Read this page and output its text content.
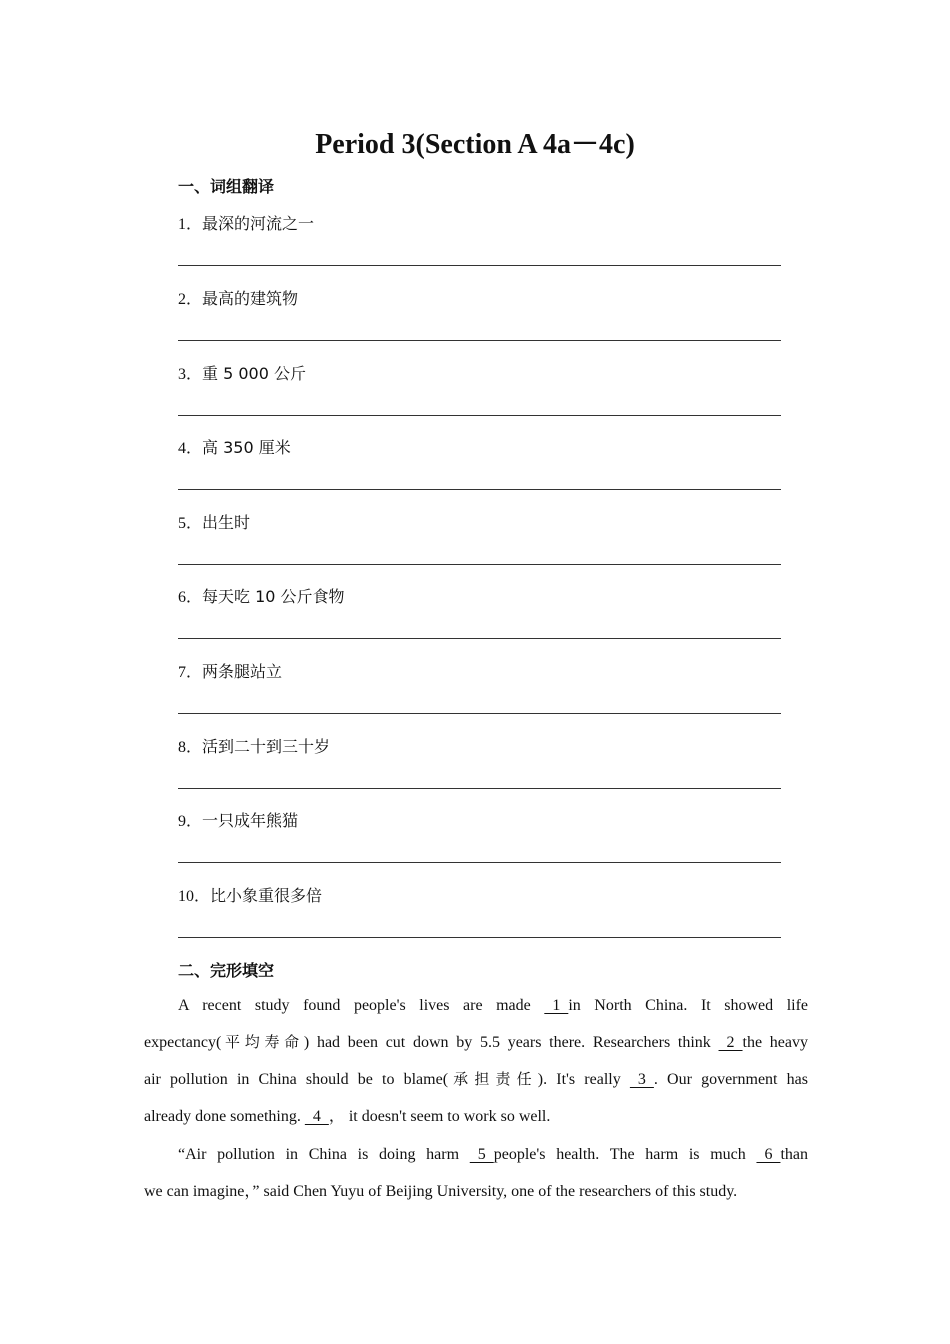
Period 3(Section A 4a－4c)
一、词组翻译
1．最深的河流之一
2．最高的建筑物
3．重 5 000 公斤
4．高 350 厘米
5．出生时
6．每天吃 10 公斤食物
7．两条腿站立
8．活到二十到三十岁
9．一只成年熊猫
10．比小象重很多倍
二、完形填空
A recent study found people's lives are made   1  in North China. It showed life
expectancy(平均寿命) had been cut down by 5.5 years there. Researchers think   2  the heavy
air pollution in China should be to blame(承担责任). It's really   3  . Our government has
already done something.   4  ， it doesn't seem to work so well.
“Air pollution in China is doing harm   5  people's health. The harm is much   6  than
we can imagine，” said Chen Yuyu of Beijing University, one of the researchers of this study.
